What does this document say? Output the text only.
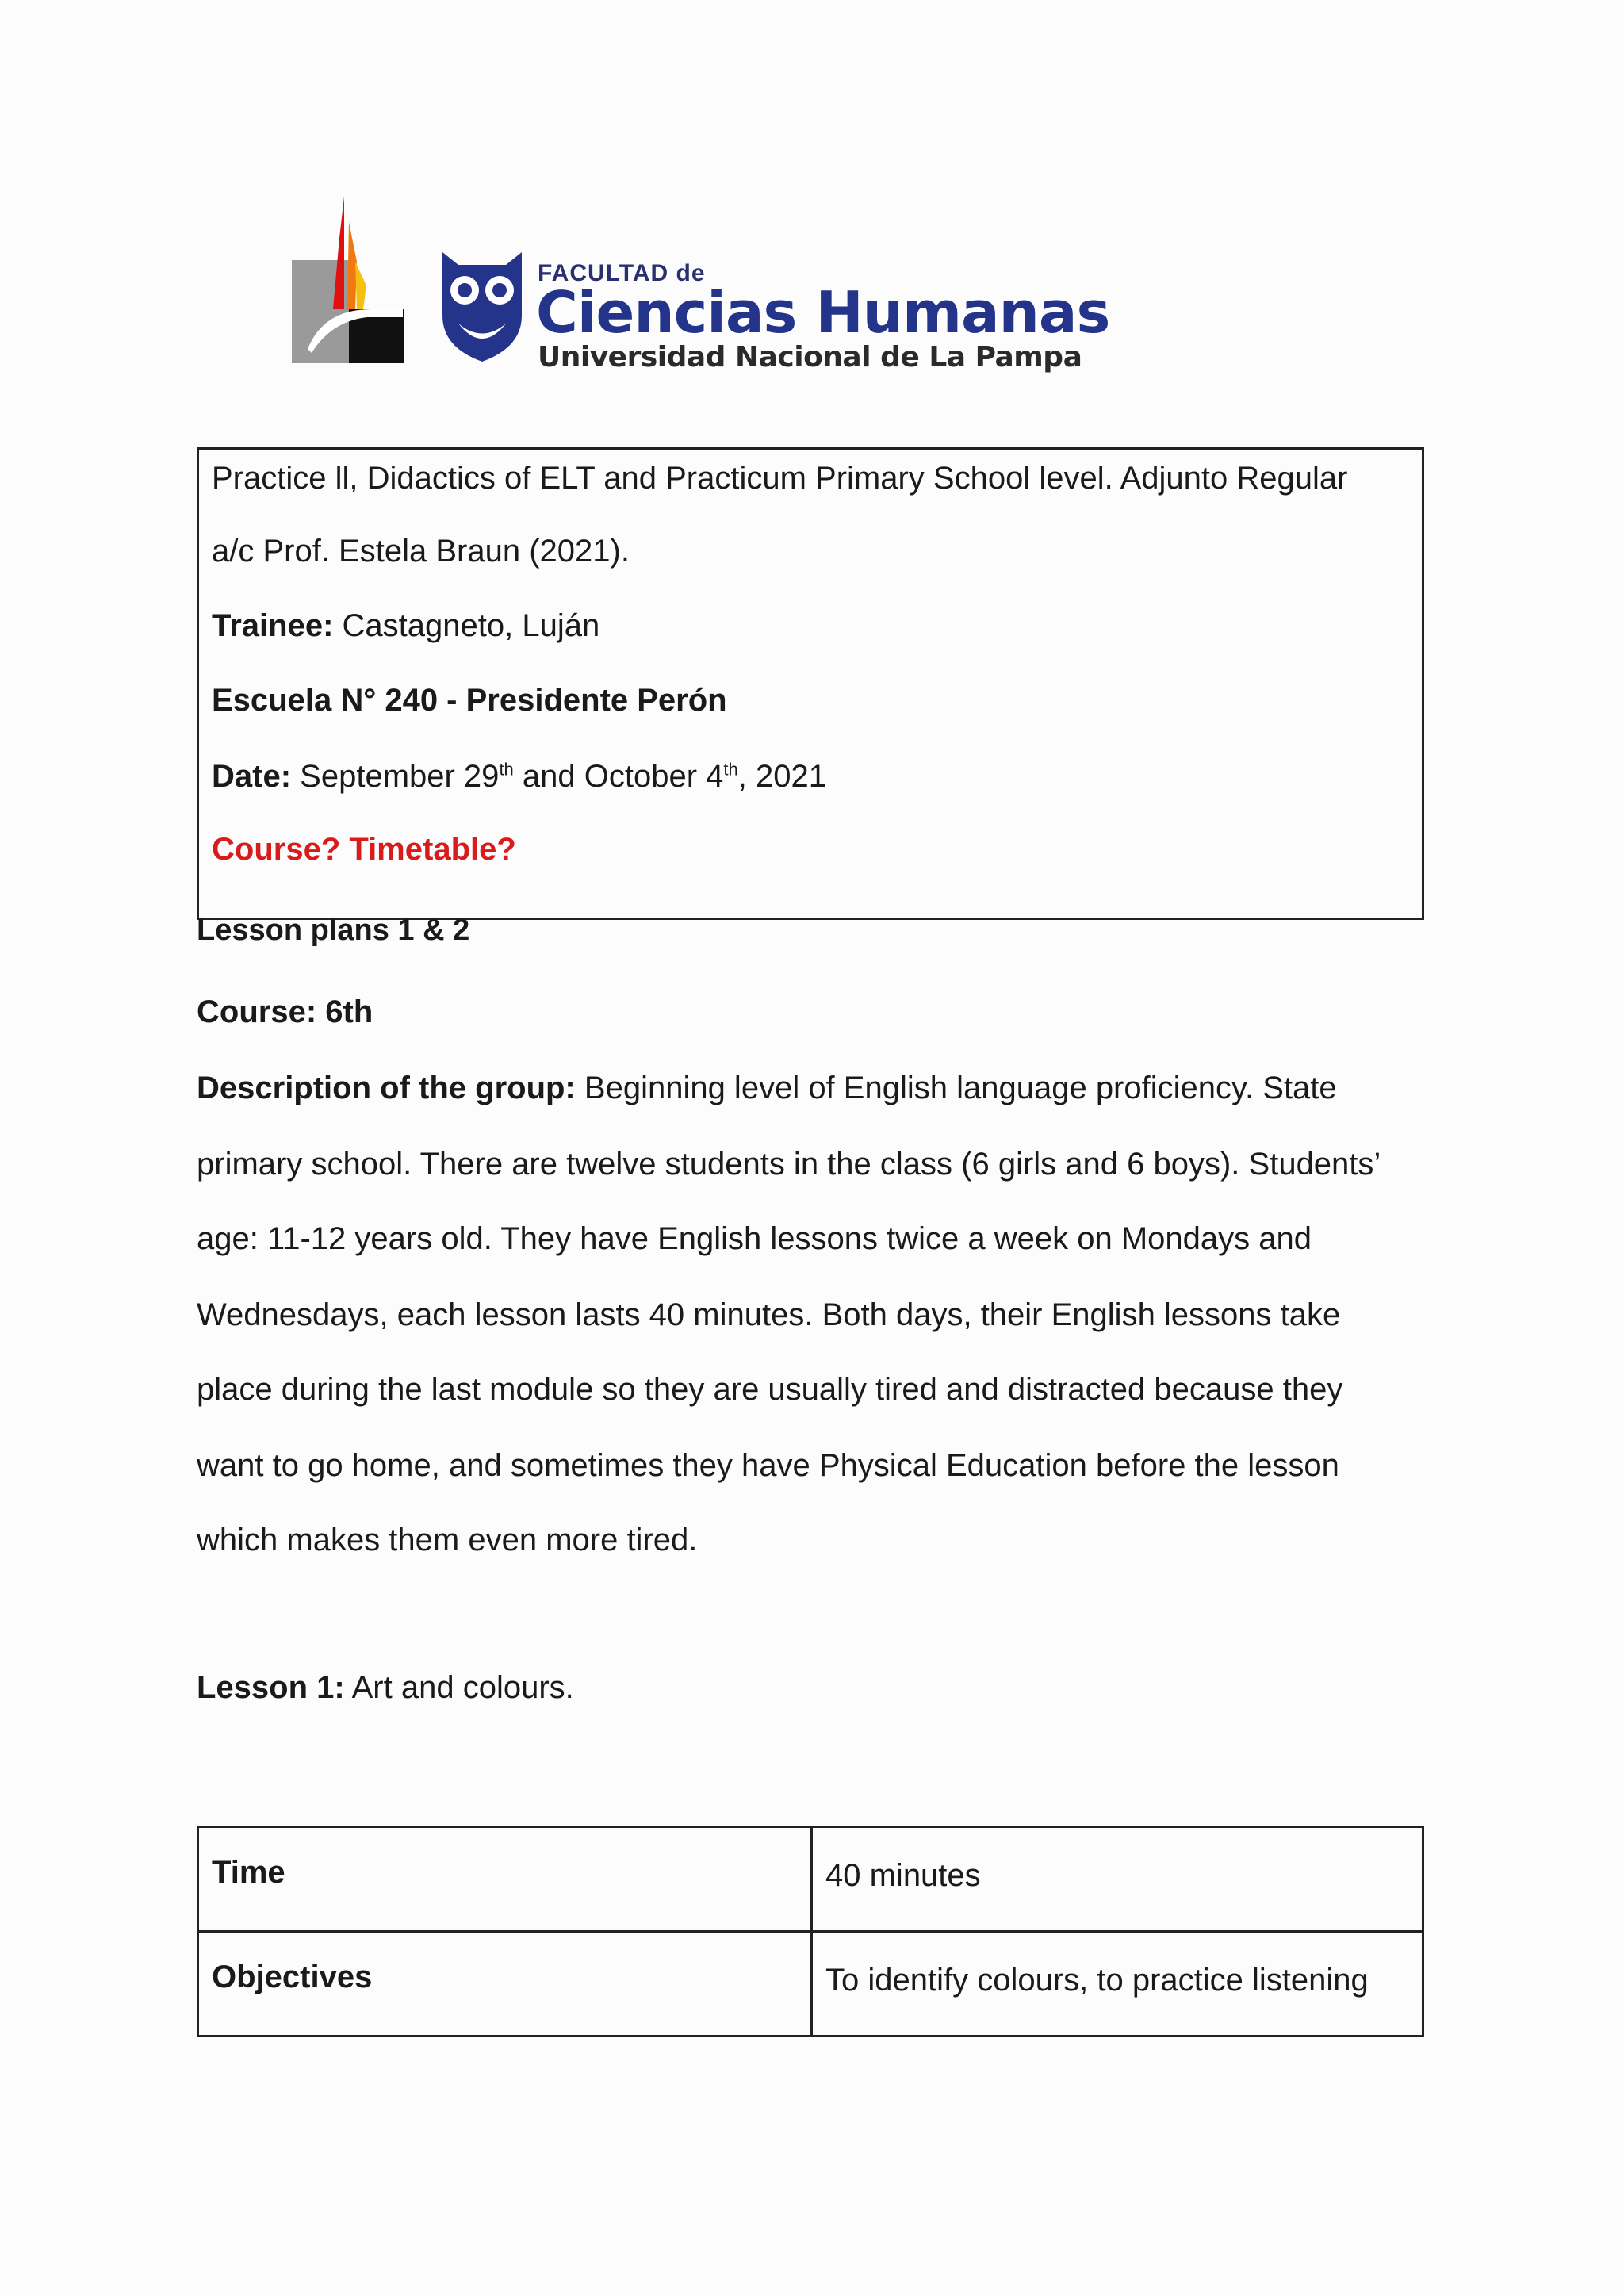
FACULTAD de
Ciencias Humanas
Universidad Nacional de La Pampa
Practice ll, Didactics of ELT and Practicum Primary School level. Adjunto Regular
a/c Prof. Estela Braun (2021).
Trainee: Castagneto, Luján
Escuela N° 240 - Presidente Perón
Date: September 29th and October 4th, 2021
Course? Timetable?
Lesson plans 1 & 2
Course: 6th
Description of the group: Beginning level of English language proficiency. State
primary school. There are twelve students in the class (6 girls and 6 boys). Students’
age: 11-12 years old. They have English lessons twice a week on Mondays and
Wednesdays, each lesson lasts 40 minutes. Both days, their English lessons take
place during the last module so they are usually tired and distracted because they
want to go home, and sometimes they have Physical Education before the lesson
which makes them even more tired.
Lesson 1: Art and colours.
Time	40 minutes
Objectives	To identify colours, to practice listening
